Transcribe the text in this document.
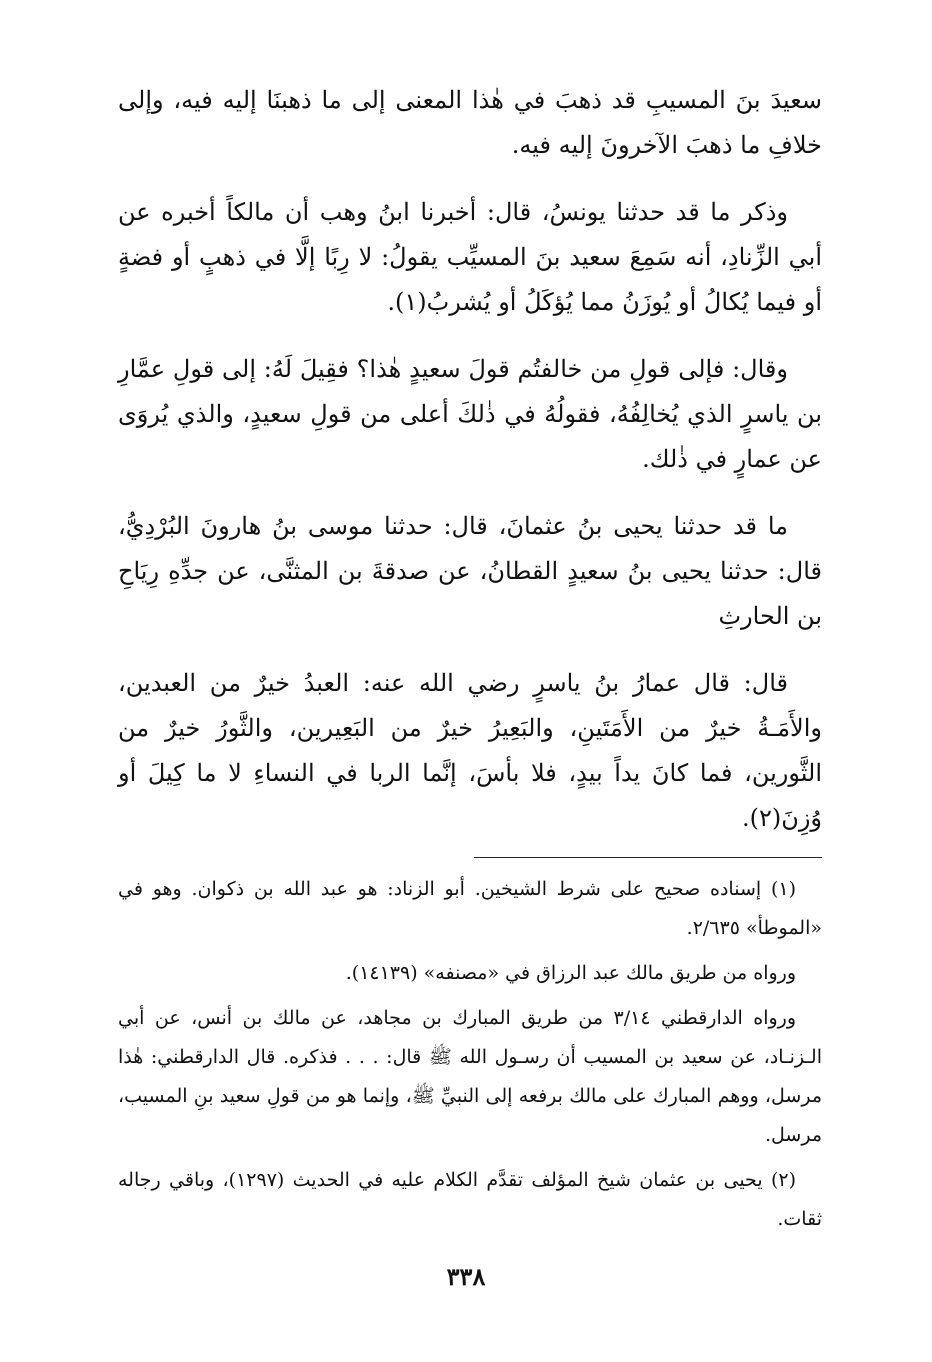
سعيدَ بنَ المسيبِ قد ذهبَ في هٰذا المعنى إلى ما ذهبنَا إليه فيه، وإلى خلافِ ما ذهبَ الآخرونَ إليه فيه.

وذكر ما قد حدثنا يونسُ، قال: أخبرنا ابنُ وهب أن مالكاً أخبره عن أبي الزِّنادِ، أنه سَمِعَ سعيد بنَ المسيِّب يقولُ: لا رِبًا إلَّا في ذهبٍ أو فضةٍ أو فيما يُكالُ أو يُوزَنُ مما يُؤكَلُ أو يُشربُ(١).

وقال: فإلى قولِ من خالفتُم قولَ سعيدٍ هٰذا؟ فقِيلَ لَهُ: إلى قولِ عمَّارِ بن ياسرٍ الذي يُخالِفُهُ، فقولُهُ في ذٰلكَ أعلى من قولِ سعيدٍ، والذي يُروَى عن عمارٍ في ذٰلك.

ما قد حدثنا يحيى بنُ عثمانَ، قال: حدثنا موسى بنُ هارونَ البُرْدِيُّ، قال: حدثنا يحيى بنُ سعيدٍ القطانُ، عن صدقةَ بن المثنَّى، عن جدِّهِ رِيَاحِ بن الحارثِ

قال: قال عمارُ بنُ ياسرٍ رضي الله عنه: العبدُ خيرٌ من العبدين، والأَمَـةُ خيرٌ من الأَمَتَينِ، والبَعِيرُ خيرٌ من البَعِيرين، والثَّورُ خيرٌ من الثَّورين، فما كانَ يداً بيدٍ، فلا بأسَ، إنَّما الربا في النساءِ لا ما كِيلَ أو وُزِنَ(٢).

(١) إسناده صحيح على شرط الشيخين. أبو الزناد: هو عبد الله بن ذكوان. وهو في «الموطأ» ٢/٦٣٥.

ورواه من طريق مالك عبد الرزاق في «مصنفه» (١٤١٣٩).

ورواه الدارقطني ٣/١٤ من طريق المبارك بن مجاهد، عن مالك بن أنس، عن أبي الـزنـاد، عن سعيد بن المسيب أن رسـول الله ﷺ قال: . . . فذكره. قال الدارقطني: هٰذا مرسل، ووهم المبارك على مالك برفعه إلى النبيِّ ﷺ، وإنما هو من قولِ سعيد بنِ المسيب، مرسل.

(٢) يحيى بن عثمان شيخ المؤلف تقدَّم الكلام عليه في الحديث (١٢٩٧)، وباقي رجاله ثقات.

٣٣٨
